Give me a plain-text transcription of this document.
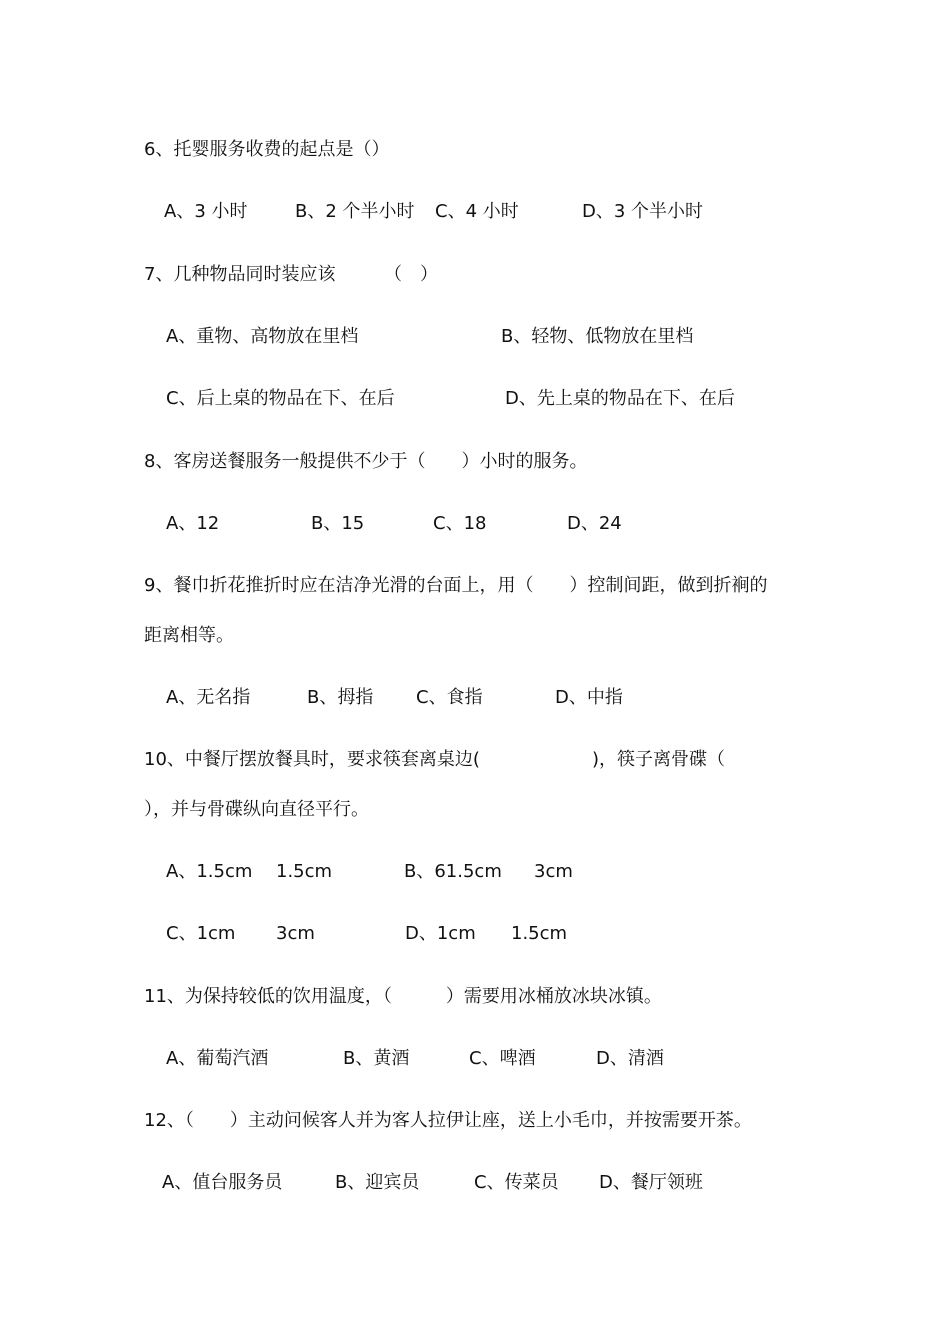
6、托婴服务收费的起点是（）
A、3 小时	B、2 个半小时 C、4 小时	D、3 个半小时
7、几种物品同时装应该	（　）
A、重物、高物放在里档	B、轻物、低物放在里档
C、后上桌的物品在下、在后	D、先上桌的物品在下、在后
8、客房送餐服务一般提供不少于（　　）小时的服务。
A、12	B、15	C、18	D、24
9、餐巾折花推折时应在洁净光滑的台面上，用（　　）控制间距，做到折裥的
距离相等。
A、无名指	B、拇指 C、食指	D、中指
10、中餐厅摆放餐具时，要求筷套离桌边(	)，筷子离骨碟（
），并与骨碟纵向直径平行。
A、1.5cm 1.5cm	B、61.5cm 3cm
C、1cm 3cm	D、1cm 1.5cm
11、为保持较低的饮用温度，（　　　）需要用冰桶放冰块冰镇。
A、葡萄汽酒	B、黄酒	C、啤酒	D、清酒
12、（　　）主动问候客人并为客人拉伊让座，送上小毛巾，并按需要开茶。
A、值台服务员	B、迎宾员	C、传菜员 D、餐厅领班
